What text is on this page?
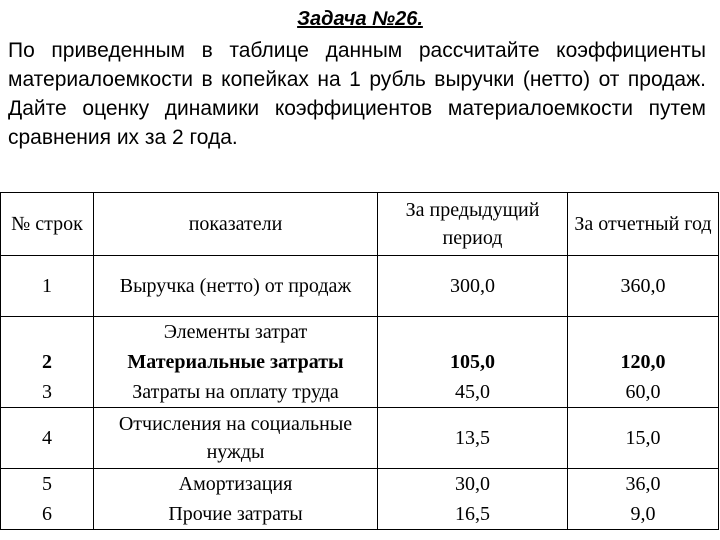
Задача №26.
По приведенным в таблице данным рассчитайте коэффициенты материалоемкости в копейках на 1 рубль выручки (нетто) от продаж. Дайте оценку динамики коэффициентов материалоемкости путем сравнения их за 2 года.
№ строк	показатели	За предыдущий период	За отчетный год
1	Выручка (нетто) от продаж	300,0	360,0
	Элементы затрат		
2	Материальные затраты	105,0	120,0
3	Затраты на оплату труда	45,0	60,0
4	Отчисления на социальные нужды	13,5	15,0
5	Амортизация	30,0	36,0
6	Прочие затраты	16,5	9,0
